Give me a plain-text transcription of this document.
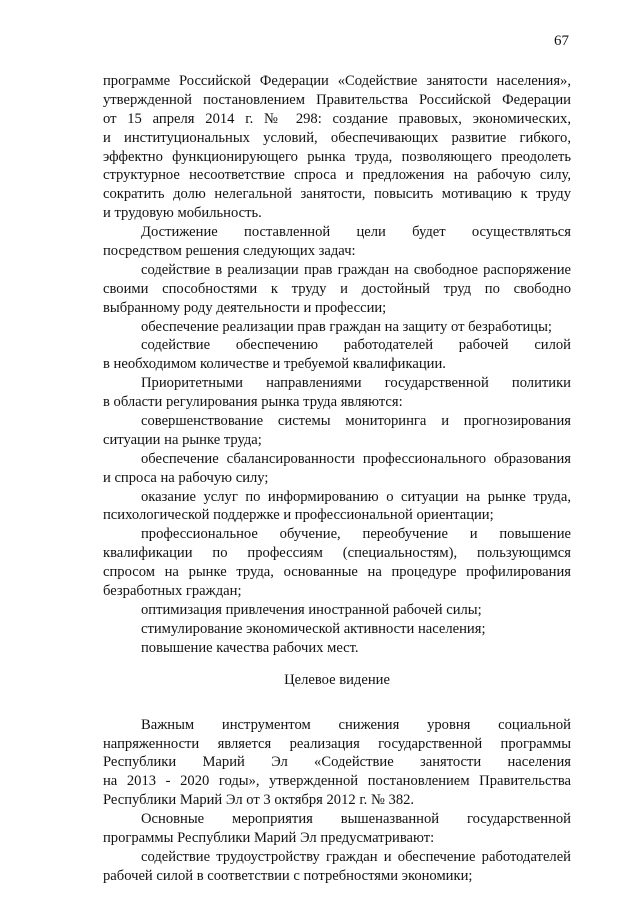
67
программе Российской Федерации «Содействие занятости населения»,
утвержденной постановлением Правительства Российской Федерации
от 15 апреля 2014 г. № 298: создание правовых, экономических,
и институциональных условий, обеспечивающих развитие гибкого,
эффектно функционирующего рынка труда, позволяющего преодолеть
структурное несоответствие спроса и предложения на рабочую силу,
сократить долю нелегальной занятости, повысить мотивацию к труду
и трудовую мобильность.
Достижение поставленной цели будет осуществляться
посредством решения следующих задач:
содействие в реализации прав граждан на свободное распоряжение
своими способностями к труду и достойный труд по свободно
выбранному роду деятельности и профессии;
обеспечение реализации прав граждан на защиту от безработицы;
содействие обеспечению работодателей рабочей силой
в необходимом количестве и требуемой квалификации.
Приоритетными направлениями государственной политики
в области регулирования рынка труда являются:
совершенствование системы мониторинга и прогнозирования
ситуации на рынке труда;
обеспечение сбалансированности профессионального образования
и спроса на рабочую силу;
оказание услуг по информированию о ситуации на рынке труда,
психологической поддержке и профессиональной ориентации;
профессиональное обучение, переобучение и повышение
квалификации по профессиям (специальностям), пользующимся
спросом на рынке труда, основанные на процедуре профилирования
безработных граждан;
оптимизация привлечения иностранной рабочей силы;
стимулирование экономической активности населения;
повышение качества рабочих мест.
Целевое видение
Важным инструментом снижения уровня социальной
напряженности является реализация государственной программы
Республики Марий Эл «Содействие занятости населения
на 2013 - 2020 годы», утвержденной постановлением Правительства
Республики Марий Эл от 3 октября 2012 г. № 382.
Основные мероприятия вышеназванной государственной
программы Республики Марий Эл предусматривают:
содействие трудоустройству граждан и обеспечение работодателей
рабочей силой в соответствии с потребностями экономики;
